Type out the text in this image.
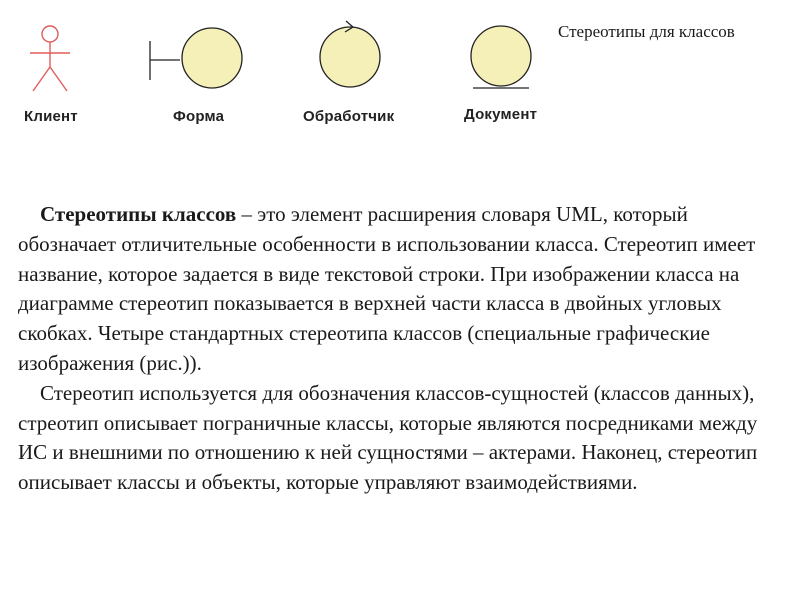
Стереотипы для классов
Клиент	Форма	Обработчик	Документ

Стереотипы классов – это элемент расширения словаря UML, который обозначает отличительные особенности в использовании класса. Стереотип имеет название, которое задается в виде текстовой строки. При изображении класса на диаграмме стереотип показывается в верхней части класса в двойных угловых скобках. Четыре стандартных стереотипа классов (специальные графические изображения (рис.)).

Стереотип используется для обозначения классов-сущностей (классов данных), стреотип описывает пограничные классы, которые являются посредниками между ИС и внешними по отношению к ней сущностями – актерами. Наконец, стереотип описывает классы и объекты, которые управляют взаимодействиями.
